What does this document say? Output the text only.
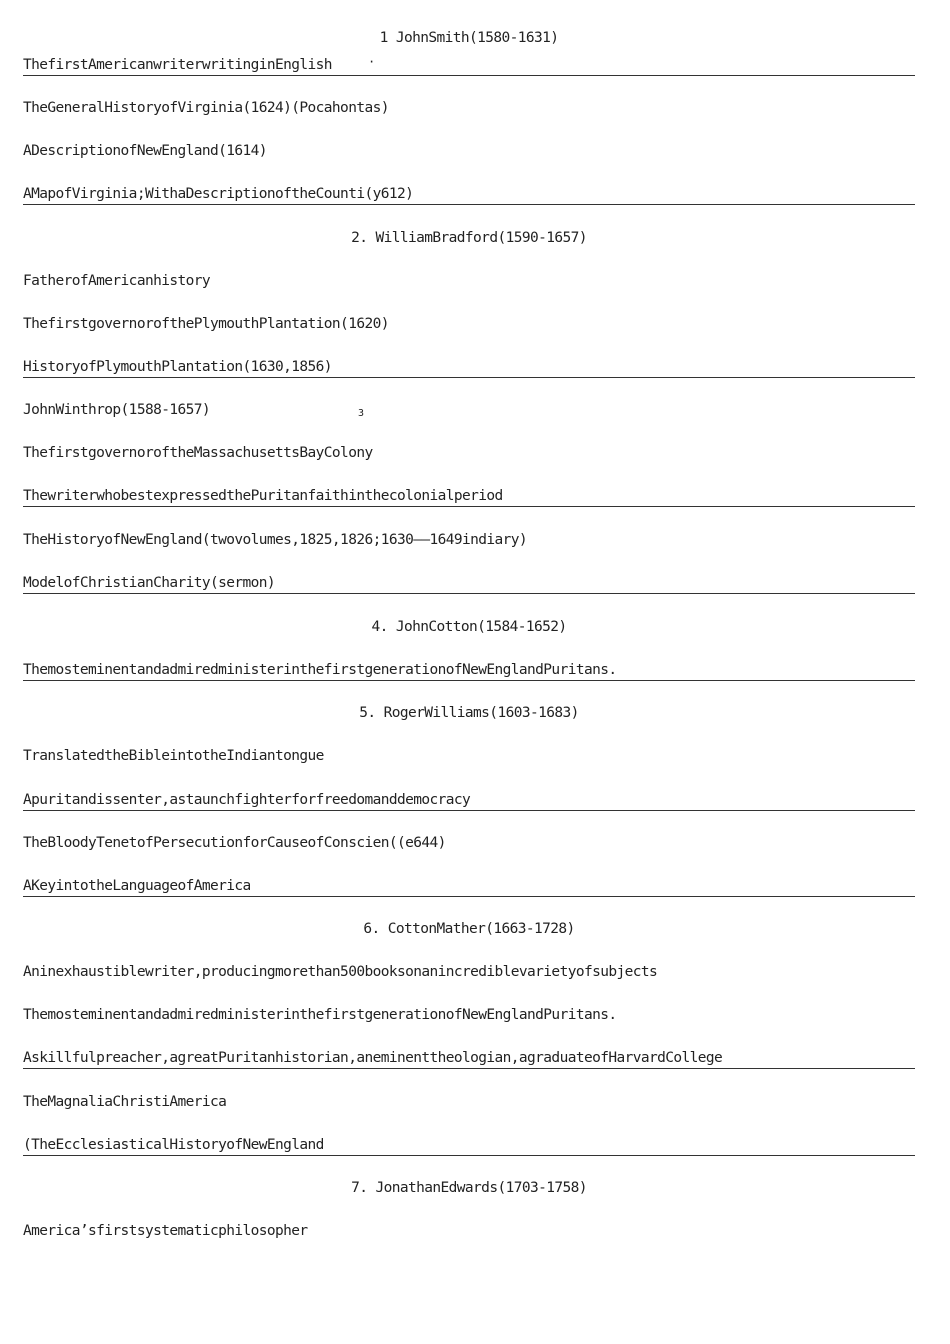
1 JohnSmith(1580-1631)
ThefirstAmericanwriterwritinginEnglish	·
TheGeneralHistoryofVirginia(1624)(Pocahontas)
ADescriptionofNewEngland(1614)
AMapofVirginia;WithaDescriptionoftheCounti(y612)
2. WilliamBradford(1590-1657)
FatherofAmericanhistory
ThefirstgovernorofthePlymouthPlantation(1620)
HistoryofPlymouthPlantation(1630,1856)
JohnWinthrop(1588-1657)	3
ThefirstgovernoroftheMassachusettsBayColony
ThewriterwhobestexpressedthePuritanfaithinthecolonialperiod
TheHistoryofNewEngland(twovolumes,1825,1826;1630——1649indiary)
ModelofChristianCharity(sermon)
4. JohnCotton(1584-1652)
ThemosteminentandadmiredministerinthefirstgenerationofNewEnglandPuritans.
5. RogerWilliams(1603-1683)
TranslatedtheBibleintotheIndiantongue
Apuritandissenter,astaunchfighterforfreedomanddemocracy
TheBloodyTenetofPersecutionforCauseofConscien((e644)
AKeyintotheLanguageofAmerica
6. CottonMather(1663-1728)
Aninexhaustiblewriter,producingmorethan500booksonanincrediblevarietyofsubjects
ThemosteminentandadmiredministerinthefirstgenerationofNewEnglandPuritans.
Askillfulpreacher,agreatPuritanhistorian,aneminenttheologian,agraduateofHarvardCollege
TheMagnaliaChristiAmerica
(TheEcclesiasticalHistoryofNewEngland
7. JonathanEdwards(1703-1758)
America’sfirstsystematicphilosopher
